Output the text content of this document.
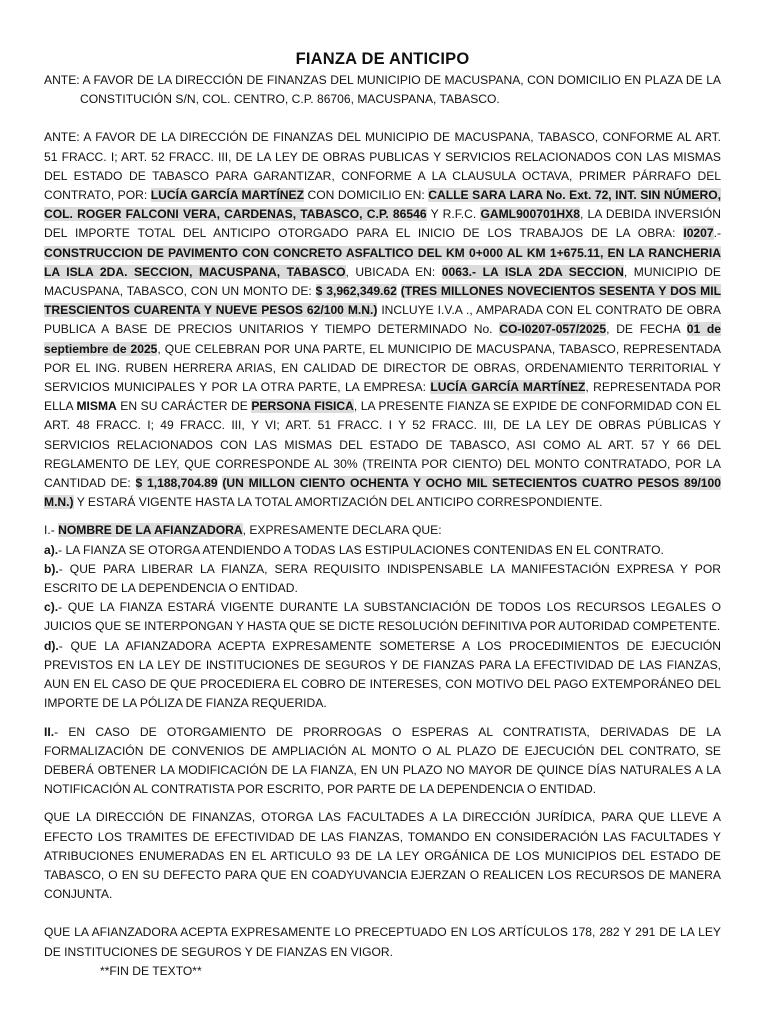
FIANZA DE ANTICIPO

ANTE: A FAVOR DE LA DIRECCIÓN DE FINANZAS DEL MUNICIPIO DE MACUSPANA, CON DOMICILIO EN PLAZA DE LA CONSTITUCIÓN S/N, COL. CENTRO, C.P. 86706, MACUSPANA, TABASCO.

ANTE: A FAVOR DE LA DIRECCIÓN DE FINANZAS DEL MUNICIPIO DE MACUSPANA, TABASCO, CONFORME AL ART. 51 FRACC. I; ART. 52 FRACC. III, DE LA LEY DE OBRAS PUBLICAS Y SERVICIOS RELACIONADOS CON LAS MISMAS DEL ESTADO DE TABASCO PARA GARANTIZAR, CONFORME A LA CLAUSULA OCTAVA, PRIMER PÁRRAFO DEL CONTRATO, POR: LUCÍA GARCÍA MARTÍNEZ CON DOMICILIO EN: CALLE SARA LARA No. Ext. 72, INT. SIN NÚMERO, COL. ROGER FALCONI VERA, CARDENAS, TABASCO, C.P. 86546 Y R.F.C. GAML900701HX8, LA DEBIDA INVERSIÓN DEL IMPORTE TOTAL DEL ANTICIPO OTORGADO PARA EL INICIO DE LOS TRABAJOS DE LA OBRA: I0207.- CONSTRUCCION DE PAVIMENTO CON CONCRETO ASFALTICO DEL KM 0+000 AL KM 1+675.11, EN LA RANCHERIA LA ISLA 2DA. SECCION, MACUSPANA, TABASCO, UBICADA EN: 0063.- LA ISLA 2DA SECCION, MUNICIPIO DE MACUSPANA, TABASCO, CON UN MONTO DE: $ 3,962,349.62 (TRES MILLONES NOVECIENTOS SESENTA Y DOS MIL TRESCIENTOS CUARENTA Y NUEVE PESOS 62/100 M.N.) INCLUYE I.V.A ., AMPARADA CON EL CONTRATO DE OBRA PUBLICA A BASE DE PRECIOS UNITARIOS Y TIEMPO DETERMINADO No. CO-I0207-057/2025, DE FECHA 01 de septiembre de 2025, QUE CELEBRAN POR UNA PARTE, EL MUNICIPIO DE MACUSPANA, TABASCO, REPRESENTADA POR EL ING. RUBEN HERRERA ARIAS, EN CALIDAD DE DIRECTOR DE OBRAS, ORDENAMIENTO TERRITORIAL Y SERVICIOS MUNICIPALES Y POR LA OTRA PARTE, LA EMPRESA: LUCÍA GARCÍA MARTÍNEZ, REPRESENTADA POR ELLA MISMA EN SU CARÁCTER DE PERSONA FISICA, LA PRESENTE FIANZA SE EXPIDE DE CONFORMIDAD CON EL ART. 48 FRACC. I; 49 FRACC. III, Y VI; ART. 51 FRACC. I Y 52 FRACC. III, DE LA LEY DE OBRAS PÚBLICAS Y SERVICIOS RELACIONADOS CON LAS MISMAS DEL ESTADO DE TABASCO, ASI COMO AL ART. 57 Y 66 DEL REGLAMENTO DE LEY, QUE CORRESPONDE AL 30% (TREINTA POR CIENTO) DEL MONTO CONTRATADO, POR LA CANTIDAD DE: $ 1,188,704.89 (UN MILLON CIENTO OCHENTA Y OCHO MIL SETECIENTOS CUATRO PESOS 89/100 M.N.) Y ESTARÁ VIGENTE HASTA LA TOTAL AMORTIZACIÓN DEL ANTICIPO CORRESPONDIENTE.

I.- NOMBRE DE LA AFIANZADORA, EXPRESAMENTE DECLARA QUE:

a).- LA FIANZA SE OTORGA ATENDIENDO A TODAS LAS ESTIPULACIONES CONTENIDAS EN EL CONTRATO.

b).- QUE PARA LIBERAR LA FIANZA, SERA REQUISITO INDISPENSABLE LA MANIFESTACIÓN EXPRESA Y POR ESCRITO DE LA DEPENDENCIA O ENTIDAD.

c).- QUE LA FIANZA ESTARÁ VIGENTE DURANTE LA SUBSTANCIACIÓN DE TODOS LOS RECURSOS LEGALES O JUICIOS QUE SE INTERPONGAN Y HASTA QUE SE DICTE RESOLUCIÓN DEFINITIVA POR AUTORIDAD COMPETENTE.

d).- QUE LA AFIANZADORA ACEPTA EXPRESAMENTE SOMETERSE A LOS PROCEDIMIENTOS DE EJECUCIÓN PREVISTOS EN LA LEY DE INSTITUCIONES DE SEGUROS Y DE FIANZAS PARA LA EFECTIVIDAD DE LAS FIANZAS, AUN EN EL CASO DE QUE PROCEDIERA EL COBRO DE INTERESES, CON MOTIVO DEL PAGO EXTEMPORÁNEO DEL IMPORTE DE LA PÓLIZA DE FIANZA REQUERIDA.

II.- EN CASO DE OTORGAMIENTO DE PRORROGAS O ESPERAS AL CONTRATISTA, DERIVADAS DE LA FORMALIZACIÓN DE CONVENIOS DE AMPLIACIÓN AL MONTO O AL PLAZO DE EJECUCIÓN DEL CONTRATO, SE DEBERÁ OBTENER LA MODIFICACIÓN DE LA FIANZA, EN UN PLAZO NO MAYOR DE QUINCE DÍAS NATURALES A LA NOTIFICACIÓN AL CONTRATISTA POR ESCRITO, POR PARTE DE LA DEPENDENCIA O ENTIDAD.

QUE LA DIRECCIÓN DE FINANZAS, OTORGA LAS FACULTADES A LA DIRECCIÓN JURÍDICA, PARA QUE LLEVE A EFECTO LOS TRAMITES DE EFECTIVIDAD DE LAS FIANZAS, TOMANDO EN CONSIDERACIÓN LAS FACULTADES Y ATRIBUCIONES ENUMERADAS EN EL ARTICULO 93 DE LA LEY ORGÁNICA DE LOS MUNICIPIOS DEL ESTADO DE TABASCO, O EN SU DEFECTO PARA QUE EN COADYUVANCIA EJERZAN O REALICEN LOS RECURSOS DE MANERA CONJUNTA.

QUE LA AFIANZADORA ACEPTA EXPRESAMENTE LO PRECEPTUADO EN LOS ARTÍCULOS 178, 282 Y 291 DE LA LEY DE INSTITUCIONES DE SEGUROS Y DE FIANZAS EN VIGOR.

**FIN DE TEXTO**
